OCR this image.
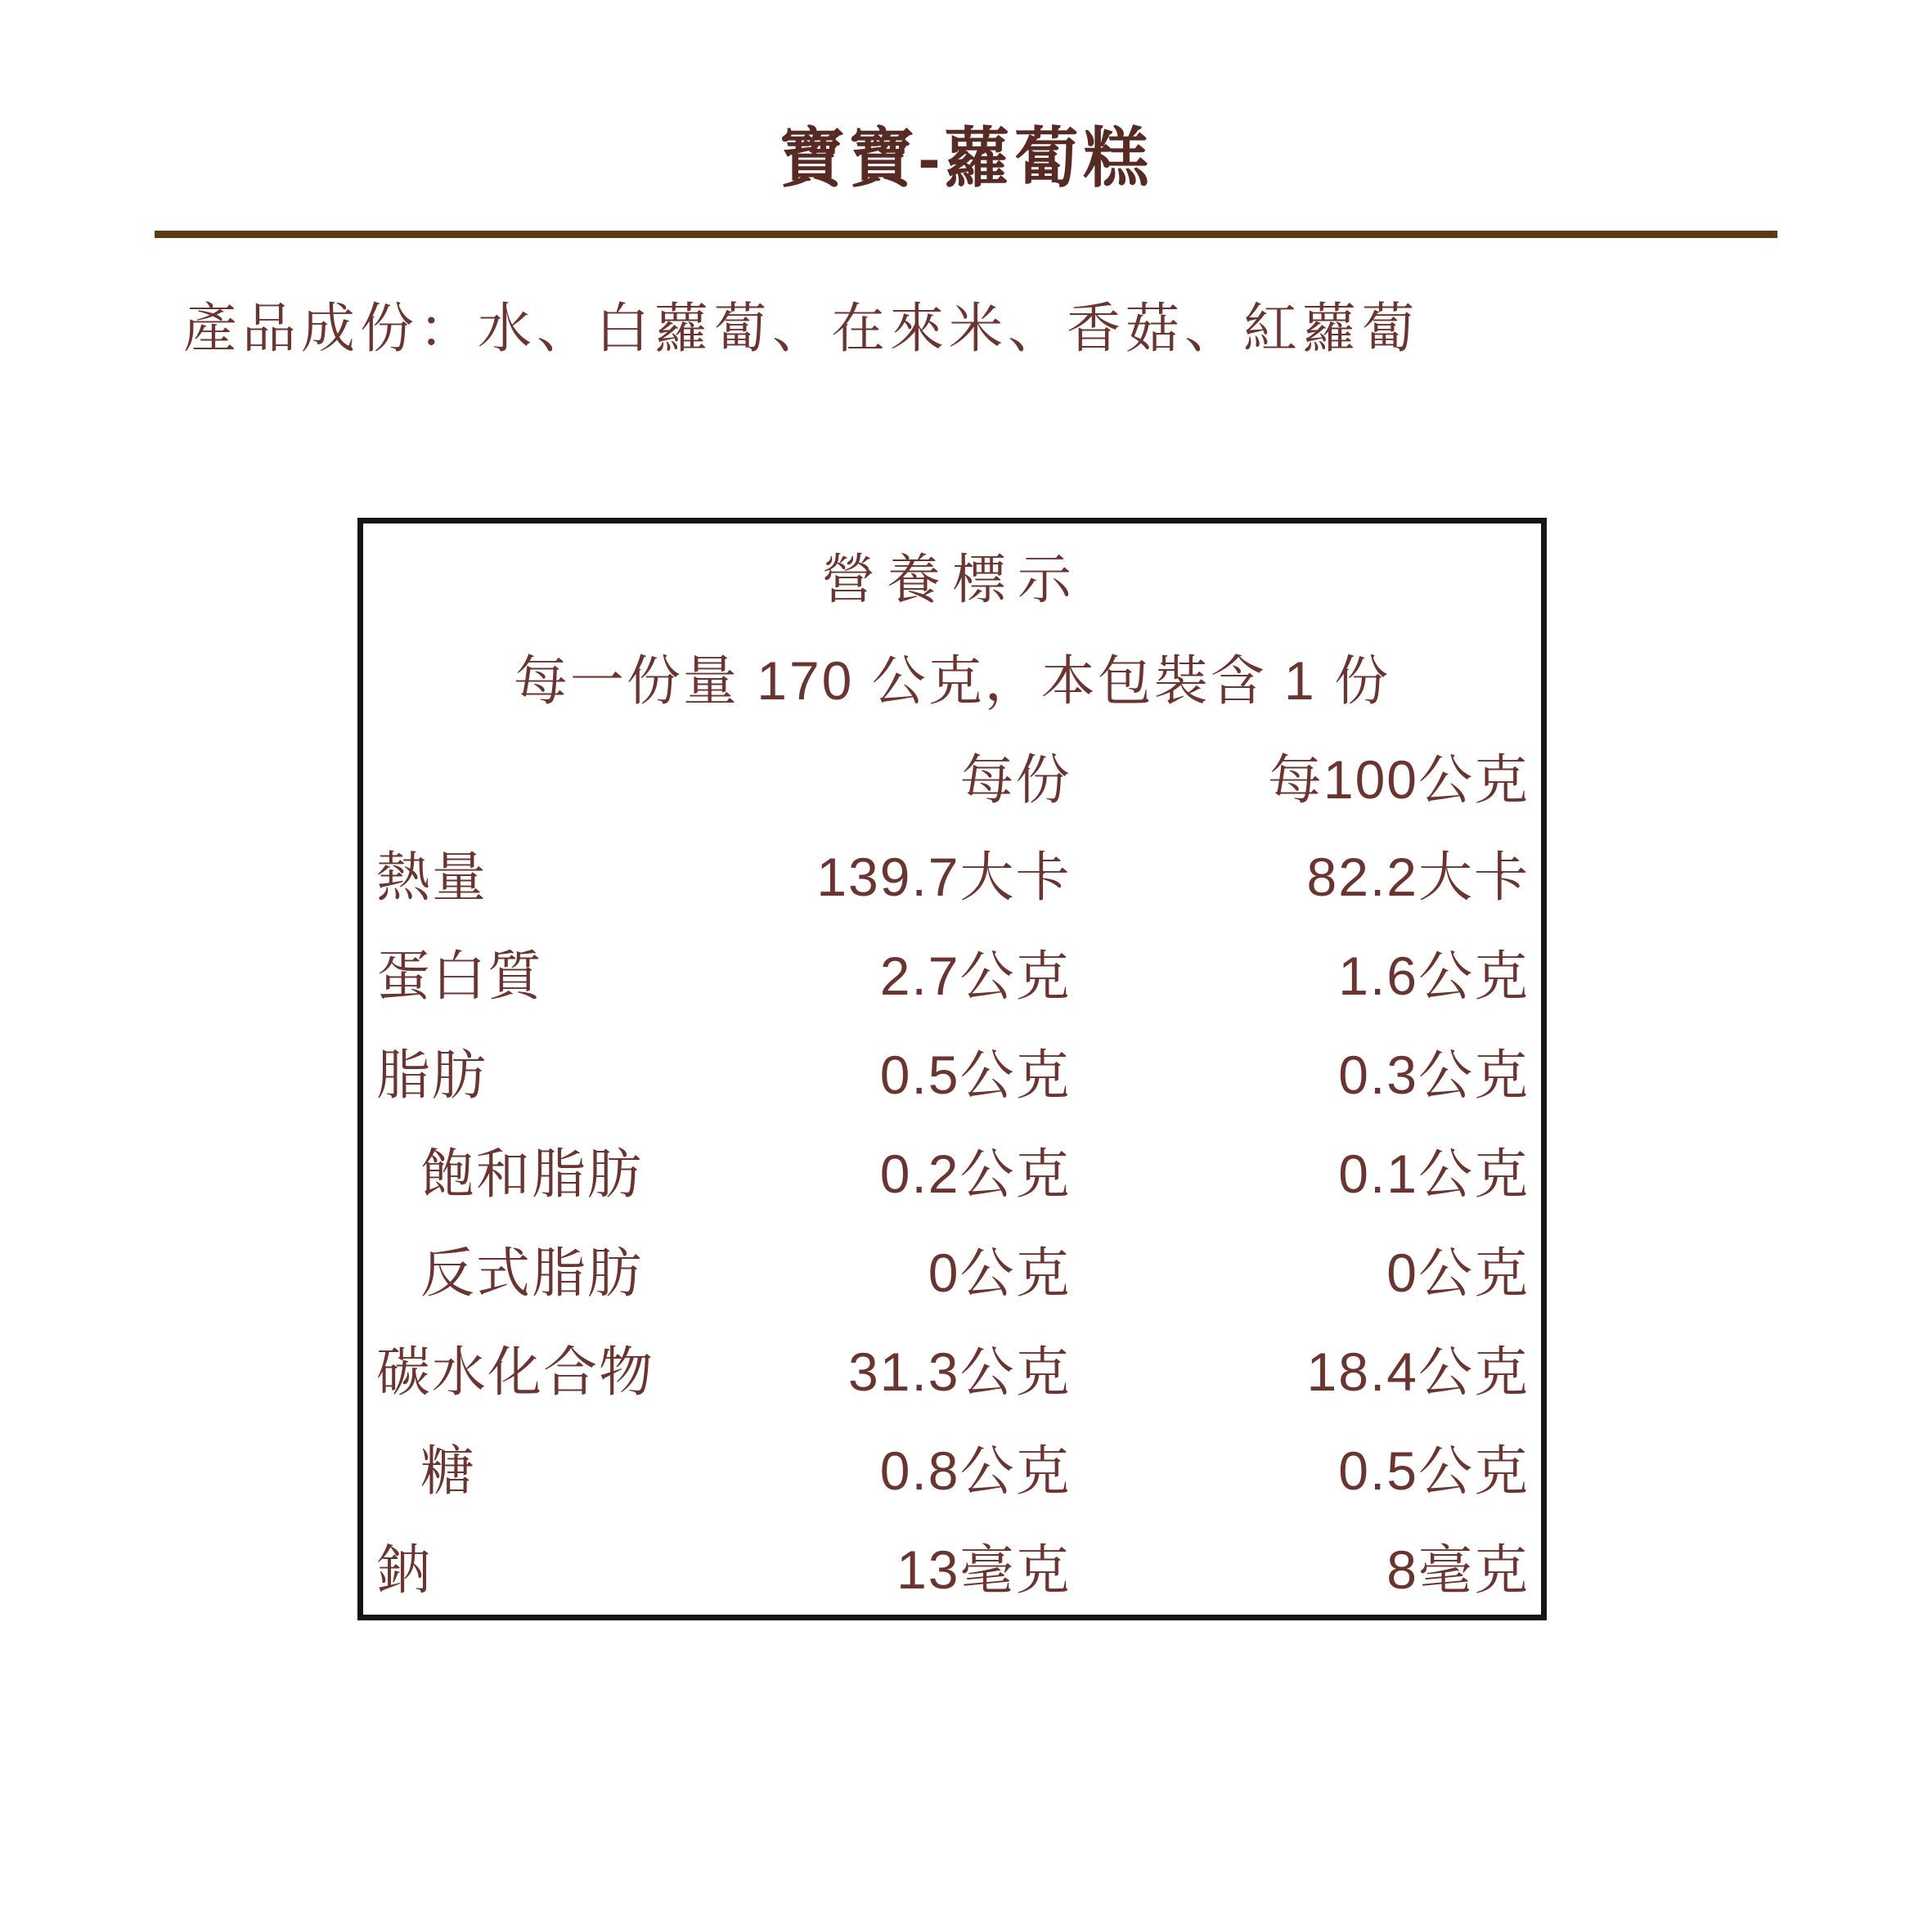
寶寶-蘿蔔糕

產品成份：水、白蘿蔔、在來米、香菇、紅蘿蔔

營養標示		
每一份量 170 公克，本包裝含 1 份		
	每份	每100公克
熱量	139.7大卡	82.2大卡
蛋白質	2.7公克	1.6公克
脂肪	0.5公克	0.3公克
飽和脂肪	0.2公克	0.1公克
反式脂肪	0公克	0公克
碳水化合物	31.3公克	18.4公克
糖	0.8公克	0.5公克
鈉	13毫克	8毫克
